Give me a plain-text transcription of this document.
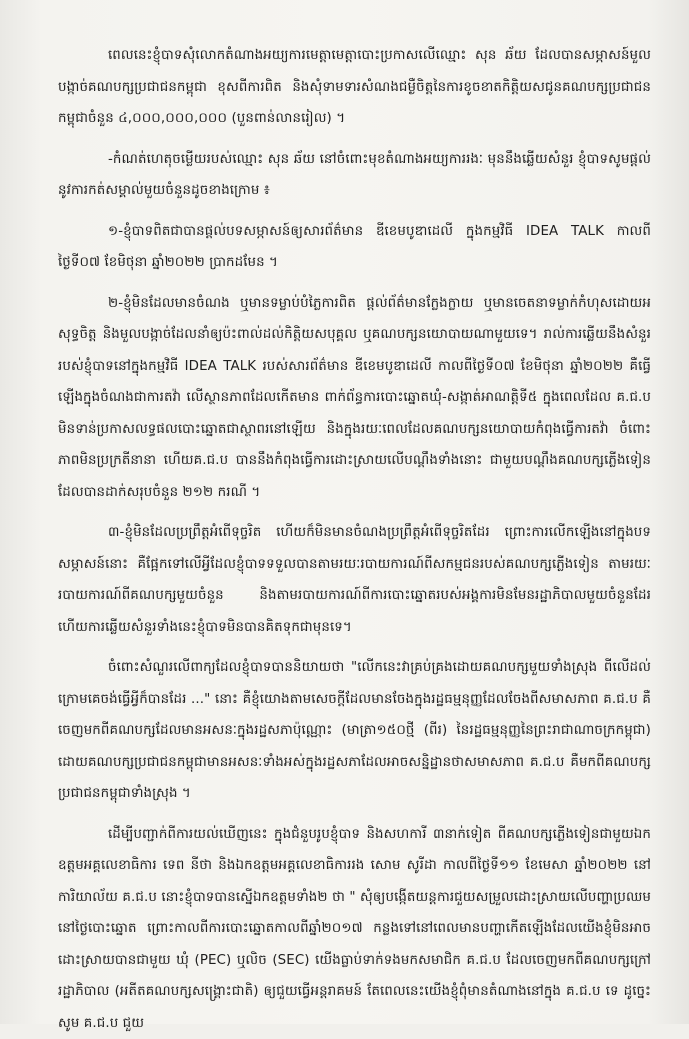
ពេលនេះខ្ញុំបាទសុំលោកតំណាងអយ្យការមេត្តាមេត្តាបោះប្រកាសលើឈ្មោះ សុន ឆ័យ ដែលបានសម្ភាសន៍មួលបង្កាច់គណបក្សប្រជាជនកម្ពុជា ខុសពីការពិត និងសុំទាមទារសំណងជម្ងឺចិត្តនៃការខូចខាតកិត្តិយសជូនគណបក្សប្រជាជនកម្ពុជាចំនួន ៤,០០០,០០០,០០០ (បួនពាន់លានរៀល) ។

-កំណត់ហេតុចម្លើយរបស់ឈ្មោះ សុន ឆ័យ នៅចំពោះមុខតំណាងអយ្យការរងៈ មុននឹងឆ្លើយសំនួរ ខ្ញុំបាទសូមផ្តល់នូវការកត់សម្គាល់មួយចំនួនដូចខាងក្រោម ៖

១-ខ្ញុំបាទពិតជាបានផ្តល់បទសម្ភាសន៍ឲ្យសារព័ត៌មាន ឌីខេមបូឌាដេលី ក្នុងកម្មវិធី IDEA TALK កាលពីថ្ងៃទី០៧ ខែមិថុនា ឆ្នាំ២០២២ ប្រាកដមែន ។

២-ខ្ញុំមិនដែលមានចំណង ឬមានទម្លាប់បំភ្លៃការពិត ផ្តល់ព័ត៌មានក្លែងក្លាយ ឬមានចេតនាទម្លាក់កំហុសដោយអសុទ្ធចិត្ត និងមួលបង្កាច់ដែលនាំឲ្យប៉ះពាល់ដល់កិត្តិយសបុគ្គល ឬគណបក្សនយោបាយណាមួយទេ។ រាល់ការឆ្លើយនឹងសំនួររបស់ខ្ញុំបាទនៅក្នុងកម្មវិធី IDEA TALK របស់សារព័ត៌មាន ឌីខេមបូឌាដេលី កាលពីថ្ងៃទី០៧ ខែមិថុនា ឆ្នាំ២០២២ គឺធ្វើឡើងក្នុងចំណងជាការតវ៉ា លើស្ថានភាពដែលកើតមាន ពាក់ព័ន្ធការបោះឆ្នោតឃុំ-សង្កាត់អាណត្តិទី៥ ក្នុងពេលដែល គ.ជ.ប មិនទាន់ប្រកាសលទ្ធផលបោះឆ្នោតជាស្ថាពរនៅឡើយ និងក្នុងរយៈពេលដែលគណបក្សនយោបាយកំពុងធ្វើការតវ៉ា ចំពោះភាពមិនប្រក្រតីនានា ហើយគ.ជ.ប បាននឹងកំពុងធ្វើការដោះស្រាយលើបណ្តឹងទាំងនោះ ជាមួយបណ្តឹងគណបក្សភ្លើងទៀន ដែលបានដាក់សរុបចំនួន ២១២ ករណី ។

៣-ខ្ញុំមិនដែលប្រព្រឹត្តអំពើទុច្ចរិត ហើយក៏មិនមានចំណងប្រព្រឹត្តអំពើទុច្ចរិតដែរ ព្រោះការលើកឡើងនៅក្នុងបទសម្ភាសន៍នោះ គឺផ្អែកទៅលើអ្វីដែលខ្ញុំបាទទទួលបានតាមរយៈរបាយការណ៍ពីសកម្មជនរបស់គណបក្សភ្លើងទៀន តាមរយៈរបាយការណ៍ពីគណបក្សមួយចំនួន និងតាមរបាយការណ៍ពីការបោះឆ្នោតរបស់អង្គការមិនមែនរដ្ឋាភិបាលមួយចំនួនដែរ ហើយការឆ្លើយសំនួរទាំងនេះខ្ញុំបាទមិនបានគិតទុកជាមុនទេ។

ចំពោះសំណួរលើពាក្យដែលខ្ញុំបាទបាននិយាយថា "លើកនេះវាគ្រប់គ្រងដោយគណបក្សមួយទាំងស្រុង ពីលើដល់ក្រោមគេចង់ធ្វើអ្វីក៏បានដែរ ..." នោះ គឺខ្ញុំយោងតាមសេចក្តីដែលមានចែងក្នុងរដ្ឋធម្មនុញ្ញដែលចែងពីសមាសភាព គ.ជ.ប គឺចេញមកពីគណបក្សដែលមានអសនៈក្នុងរដ្ឋសភាប៉ុណ្ណោះ (មាត្រា១៥០ថ្មី (ពីរ) នៃរដ្ឋធម្មនុញ្ញនៃព្រះរាជាណាចក្រកម្ពុជា) ដោយគណបក្សប្រជាជនកម្ពុជាមានអសនៈទាំងអស់ក្នុងរដ្ឋសភាដែលអាចសន្និដ្ឋានថាសមាសភាព គ.ជ.ប គឺមកពីគណបក្សប្រជាជនកម្ពុជាទាំងស្រុង ។

ដើម្បីបញ្ជាក់ពីការយល់ឃើញនេះ ក្នុងជំនួបរូបខ្ញុំបាទ និងសហការី ៣នាក់ទៀត ពីគណបក្សភ្លើងទៀនជាមួយឯកឧត្តមអគ្គលេខាធិការ ទេព នីថា និងឯកឧត្តមអគ្គលេខាធិការរង សោម សូរីដា កាលពីថ្ងៃទី១១ ខែមេសា ឆ្នាំ២០២២ នៅការិយាល័យ គ.ជ.ប នោះខ្ញុំបាទបានស្នើឯកឧត្តមទាំង២ ថា " សុំឲ្យបង្កើតយន្តការជួយសម្រួលដោះស្រាយលើបញ្ហាប្រឈមនៅថ្ងៃបោះឆ្នោត ព្រោះកាលពីការបោះឆ្នោតកាលពីឆ្នាំ២០១៧ កន្លងទៅនៅពេលមានបញ្ហាកើតឡើងដែលយើងខ្ញុំមិនអាចដោះស្រាយបានជាមួយ ឃុំ (PEC) ឬលិច (SEC) យើងធ្លាប់ទាក់ទងមកសមាជិក គ.ជ.ប ដែលចេញមកពីគណបក្សក្រៅរដ្ឋាភិបាល (អតីតគណបក្សសង្គ្រោះជាតិ) ឲ្យជួយធ្វើអន្តរាគមន៍ តែពេលនេះយើងខ្ញុំពុំមានតំណាងនៅក្នុង គ.ជ.ប ទេ ដូច្នេះសូម គ.ជ.ប ជួយ
